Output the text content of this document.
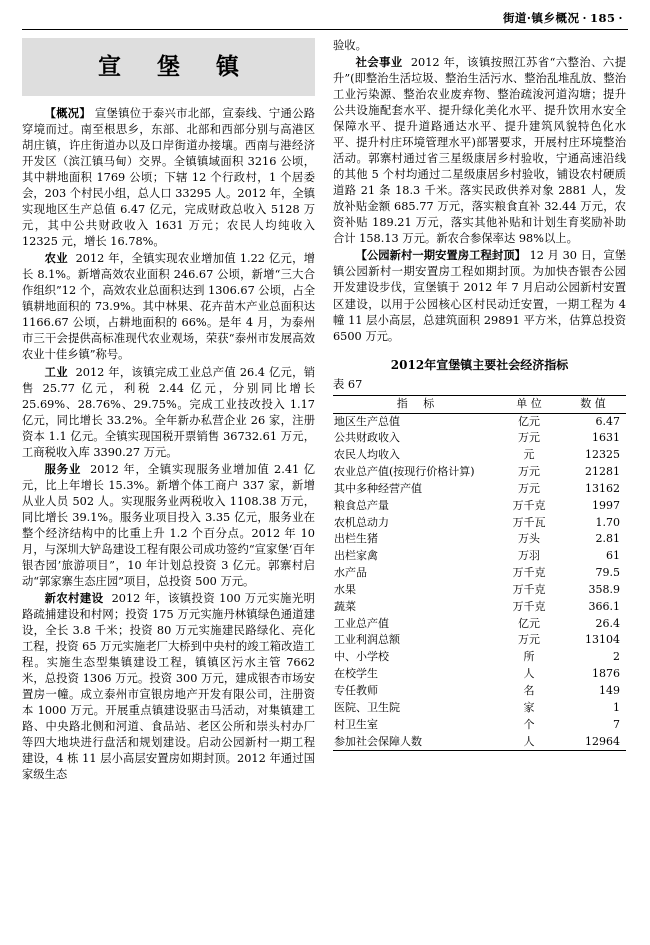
街道·镇乡概况 · 185 ·
宣 堡 镇

【概况】 宣堡镇位于泰兴市北部，宣泰线、宁通公路穿境而过。南至根思乡，东部、北部和西部分别与高港区胡庄镇，许庄街道办以及口岸街道办接壤。西南与港经济开发区（滨江镇马甸）交界。全镇镇域面积 3216 公顷，其中耕地面积 1769 公顷；下辖 12 个行政村，1 个居委会，203 个村民小组，总人口 33295 人。2012 年，全镇实现地区生产总值 6.47 亿元，完成财政总收入 5128 万元，其中公共财政收入 1631 万元；农民人均纯收入 12325 元，增长 16.78%。

农业 2012 年，全镇实现农业增加值 1.22 亿元，增长 8.1%。新增高效农业面积 246.67 公顷，新增“三大合作组织”12 个，高效农业总面积达到 1306.67 公顷，占全镇耕地面积的 73.9%。其中林果、花卉苗木产业总面积达 1166.67 公顷，占耕地面积的 66%。是年 4 月，为泰州市三干会提供高标准现代农业观场，荣获“泰州市发展高效农业十佳乡镇”称号。

工业 2012 年，该镇完成工业总产值 26.4 亿元，销售 25.77 亿元，利税 2.44 亿元，分别同比增长 25.69%、28.76%、29.75%。完成工业技改投入 1.17 亿元，同比增长 33.2%。全年新办私营企业 26 家，注册资本 1.1 亿元。全镇实现国税开票销售 36732.61 万元，工商税收入库 3390.27 万元。

服务业 2012 年，全镇实现服务业增加值 2.41 亿元，比上年增长 15.3%。新增个体工商户 337 家，新增从业人员 502 人。实现服务业两税收入 1108.38 万元，同比增长 39.1%。服务业项目投入 3.35 亿元，服务业在整个经济结构中的比重上升 1.2 个百分点。2012 年 10 月，与深圳大铲岛建设工程有限公司成功签约“宣家堡‘百年银杏园’旅游项目”，10 年计划总投资 3 亿元。郭寨村启动“郭家寨生态庄园”项目，总投资 500 万元。

新农村建设 2012 年，该镇投资 100 万元实施光明路疏捕建设和村网；投资 175 万元实施丹林镇绿色通道建设，全长 3.8 千米；投资 80 万元实施建民路绿化、亮化工程，投资 65 万元实施老厂大桥到中央村的竣工箱改造工程。实施生态型集镇建设工程，镇镇区污水主管 7662 米，总投资 1306 万元。投资 300 万元，建成银杏市场安置房一幢。成立泰州市宣银房地产开发有限公司，注册资本 1000 万元。开展重点镇建设驱击马活动，对集镇建工路、中央路北侧和河道、食品站、老区公所和崇头村办厂等四大地块进行盘活和规划建设。启动公园新村一期工程建设，4 栋 11 层小高层安置房如期封顶。2012 年通过国家级生态

验收。

社会事业 2012 年，该镇按照江苏省“六整治、六提升”(即整治生活垃圾、整治生活污水、整治乱堆乱放、整治工业污染源、整治农业废弃物、整治疏浚河道沟塘；提升公共设施配套水平、提升绿化美化水平、提升饮用水安全保障水平、提升道路通达水平、提升建筑风貌特色化水平、提升村庄环境管理水平)部署要求，开展村庄环境整治活动。郭寨村通过省三星级康居乡村验收，宁通高速沿线的其他 5 个村均通过二星级康居乡村验收，铺设农村硬质道路 21 条 18.3 千米。落实民政供养对象 2881 人，发放补贴金额 685.77 万元，落实粮食直补 32.44 万元，农资补贴 189.21 万元，落实其他补贴和计划生育奖励补助合计 158.13 万元。新农合参保率达 98%以上。

【公园新村一期安置房工程封顶】 12 月 30 日，宣堡镇公园新村一期安置房工程如期封顶。为加快杏银杏公园开发建设步伐，宣堡镇于 2012 年 7 月启动公园新村安置区建设，以用于公园核心区村民动迁安置，一期工程为 4 幢 11 层小高层，总建筑面积 29891 平方米，估算总投资 6500 万元。

2012年宣堡镇主要社会经济指标
表 67
指 标	单 位	数 值
地区生产总值	亿元	6.47
公共财政收入	万元	1631
农民人均收入	元	12325
农业总产值(按现行价格计算)	万元	21281
其中多种经营产值	万元	13162
粮食总产量	万千克	1997
农机总动力	万千瓦	1.70
出栏生猪	万头	2.81
出栏家禽	万羽	61
水产品	万千克	79.5
水果	万千克	358.9
蔬菜	万千克	366.1
工业总产值	亿元	26.4
工业利润总额	万元	13104
中、小学校	所	2
在校学生	人	1876
专任教师	名	149
医院、卫生院	家	1
村卫生室	个	7
参加社会保障人数	人	12964
